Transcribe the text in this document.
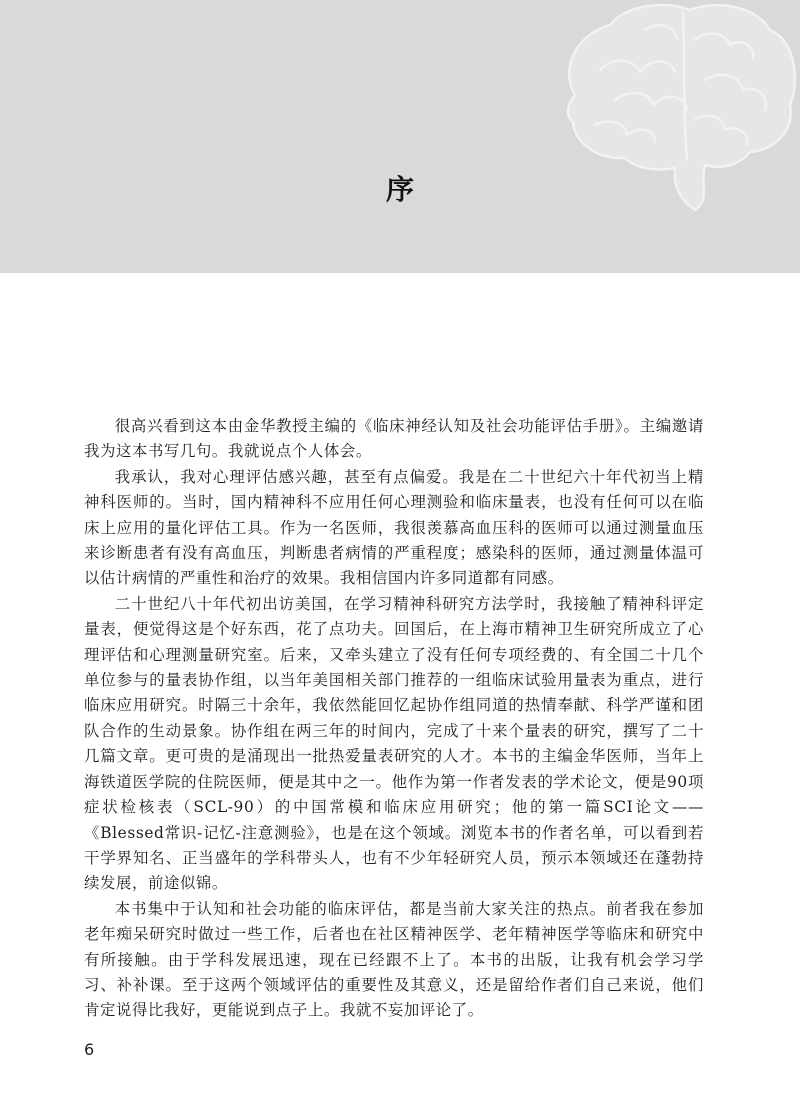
序

很高兴看到这本由金华教授主编的《临床神经认知及社会功能评估手册》。主编邀请我为这本书写几句。我就说点个人体会。

我承认，我对心理评估感兴趣，甚至有点偏爱。我是在二十世纪六十年代初当上精神科医师的。当时，国内精神科不应用任何心理测验和临床量表，也没有任何可以在临床上应用的量化评估工具。作为一名医师，我很羡慕高血压科的医师可以通过测量血压来诊断患者有没有高血压，判断患者病情的严重程度；感染科的医师，通过测量体温可以估计病情的严重性和治疗的效果。我相信国内许多同道都有同感。

二十世纪八十年代初出访美国，在学习精神科研究方法学时，我接触了精神科评定量表，便觉得这是个好东西，花了点功夫。回国后，在上海市精神卫生研究所成立了心理评估和心理测量研究室。后来，又牵头建立了没有任何专项经费的、有全国二十几个单位参与的量表协作组，以当年美国相关部门推荐的一组临床试验用量表为重点，进行临床应用研究。时隔三十余年，我依然能回忆起协作组同道的热情奉献、科学严谨和团队合作的生动景象。协作组在两三年的时间内，完成了十来个量表的研究，撰写了二十几篇文章。更可贵的是涌现出一批热爱量表研究的人才。本书的主编金华医师，当年上海铁道医学院的住院医师，便是其中之一。他作为第一作者发表的学术论文，便是90项症状检核表（SCL-90）的中国常模和临床应用研究；他的第一篇SCI论文——《Blessed常识-记忆-注意测验》，也是在这个领域。浏览本书的作者名单，可以看到若干学界知名、正当盛年的学科带头人，也有不少年轻研究人员，预示本领域还在蓬勃持续发展，前途似锦。

本书集中于认知和社会功能的临床评估，都是当前大家关注的热点。前者我在参加老年痴呆研究时做过一些工作，后者也在社区精神医学、老年精神医学等临床和研究中有所接触。由于学科发展迅速，现在已经跟不上了。本书的出版，让我有机会学习学习、补补课。至于这两个领域评估的重要性及其意义，还是留给作者们自己来说，他们肯定说得比我好，更能说到点子上。我就不妄加评论了。

6
